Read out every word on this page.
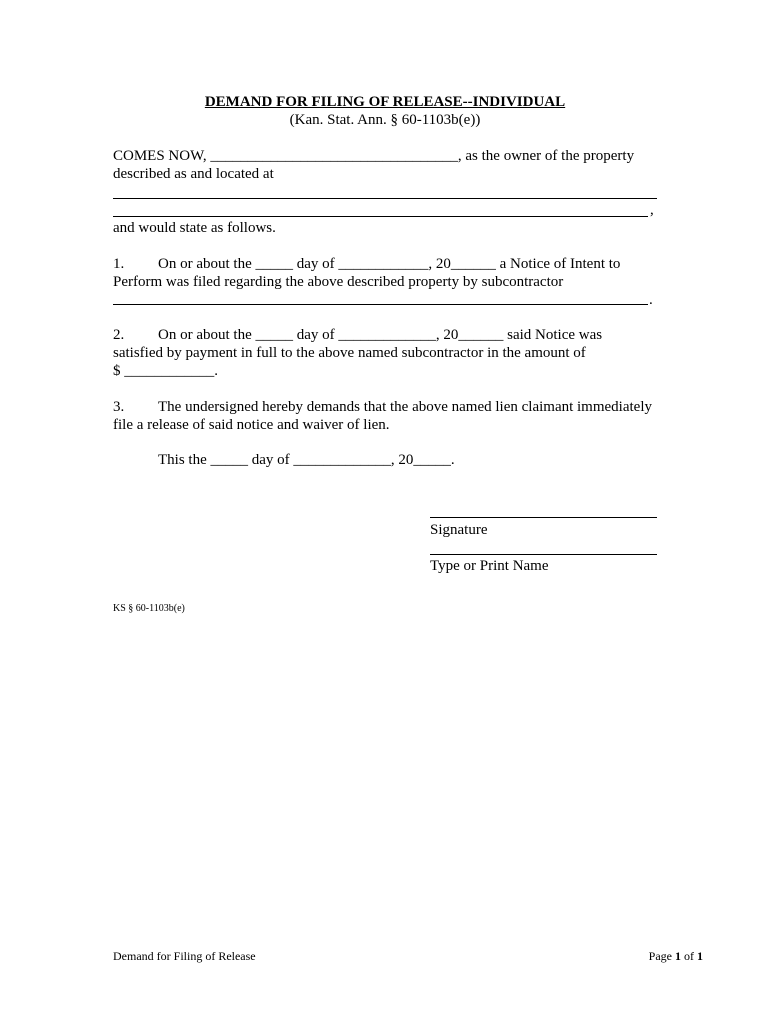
DEMAND FOR FILING OF RELEASE--INDIVIDUAL
(Kan. Stat. Ann. § 60-1103b(e))
COMES NOW, _________________________________, as the owner of the property
described as and located at
,
and would state as follows.
1. On or about the _____ day of ____________, 20______ a Notice of Intent to
Perform was filed regarding the above described property by subcontractor
.
2. On or about the _____ day of _____________, 20______ said Notice was
satisfied by payment in full to the above named subcontractor in the amount of
$ ____________.
3. The undersigned hereby demands that the above named lien claimant immediately
file a release of said notice and waiver of lien.
This the _____ day of _____________, 20_____.
Signature
Type or Print Name
KS § 60-1103b(e)
Demand for Filing of Release	Page 1 of 1
